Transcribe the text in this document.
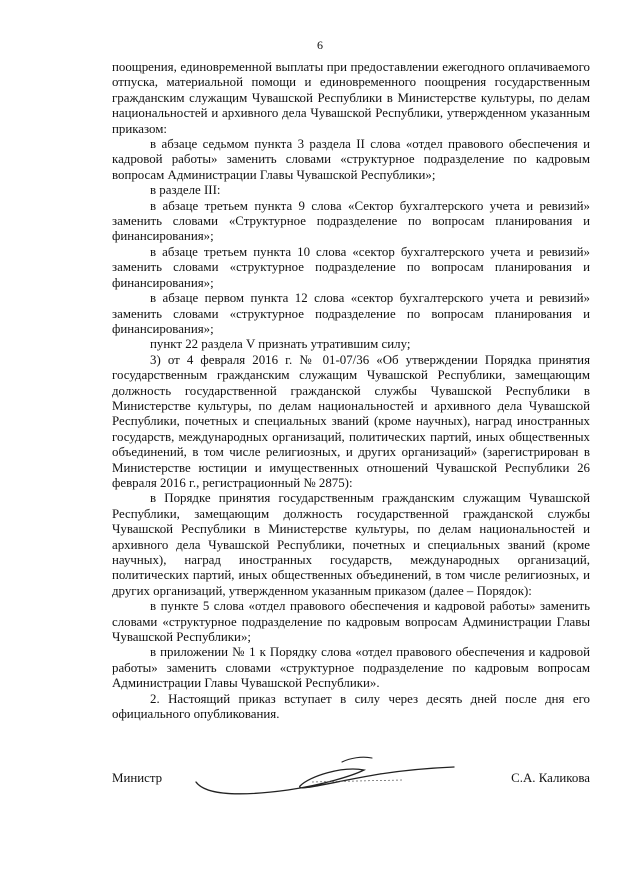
6

поощрения, единовременной выплаты при предоставлении ежегодного оплачиваемого отпуска, материальной помощи и единовременного поощрения государственным гражданским служащим Чувашской Республики в Министерстве культуры, по делам национальностей и архивного дела Чувашской Республики, утвержденном указанным приказом:

в абзаце седьмом пункта 3 раздела II слова «отдел правового обеспечения и кадровой работы» заменить словами «структурное подразделение по кадровым вопросам Администрации Главы Чувашской Республики»;

в разделе III:

в абзаце третьем пункта 9 слова «Сектор бухгалтерского учета и ревизий» заменить словами «Структурное подразделение по вопросам планирования и финансирования»;

в абзаце третьем пункта 10 слова «сектор бухгалтерского учета и ревизий» заменить словами «структурное подразделение по вопросам планирования и финансирования»;

в абзаце первом пункта 12 слова «сектор бухгалтерского учета и ревизий» заменить словами «структурное подразделение по вопросам планирования и финансирования»;

пункт 22 раздела V признать утратившим силу;

3) от 4 февраля 2016 г. № 01-07/36 «Об утверждении Порядка принятия государственным гражданским служащим Чувашской Республики, замещающим должность государственной гражданской службы Чувашской Республики в Министерстве культуры, по делам национальностей и архивного дела Чувашской Республики, почетных и специальных званий (кроме научных), наград иностранных государств, международных организаций, политических партий, иных общественных объединений, в том числе религиозных, и других организаций» (зарегистрирован в Министерстве юстиции и имущественных отношений Чувашской Республики 26 февраля 2016 г., регистрационный № 2875):

в Порядке принятия государственным гражданским служащим Чувашской Республики, замещающим должность государственной гражданской службы Чувашской Республики в Министерстве культуры, по делам национальностей и архивного дела Чувашской Республики, почетных и специальных званий (кроме научных), наград иностранных государств, международных организаций, политических партий, иных общественных объединений, в том числе религиозных, и других организаций, утвержденном указанным приказом (далее – Порядок):

в пункте 5 слова «отдел правового обеспечения и кадровой работы» заменить словами «структурное подразделение по кадровым вопросам Администрации Главы Чувашской Республики»;

в приложении № 1 к Порядку слова «отдел правового обеспечения и кадровой работы» заменить словами «структурное подразделение по кадровым вопросам Администрации Главы Чувашской Республики».

2. Настоящий приказ вступает в силу через десять дней после дня его официального опубликования.

Министр	С.А. Каликова
